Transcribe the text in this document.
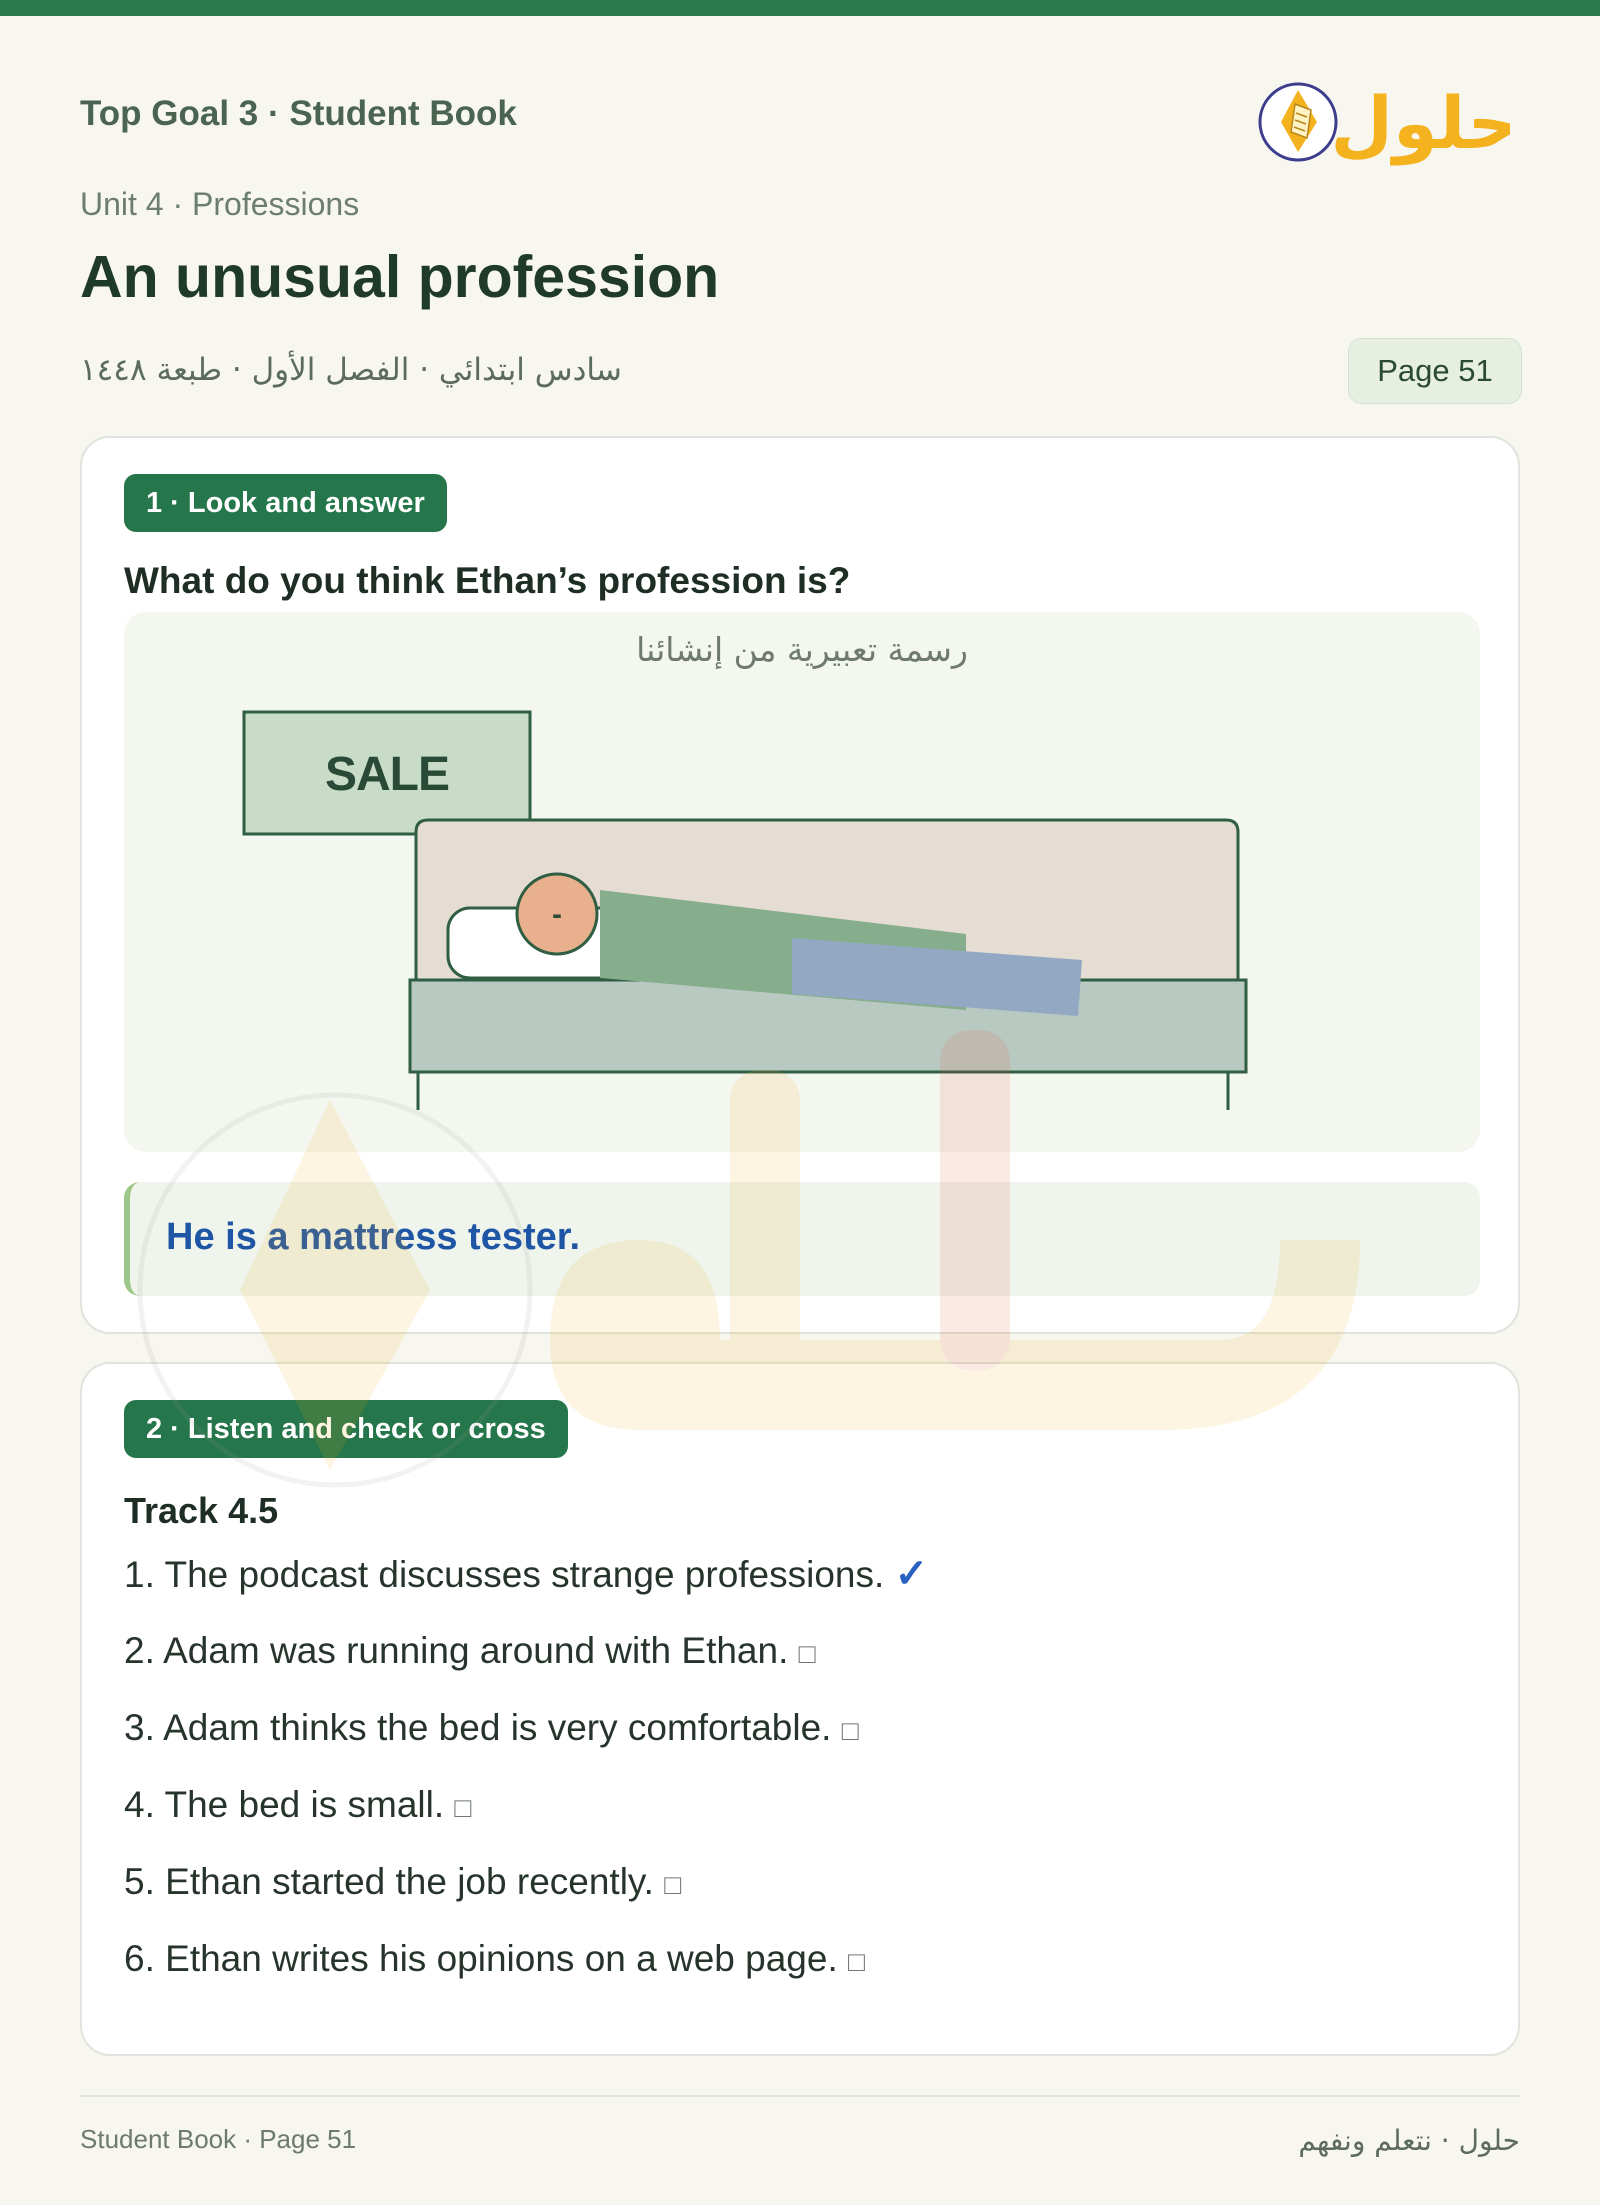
Top Goal 3 · Student Book	حلول
Unit 4 · Professions
An unusual profession
سادس ابتدائي · الفصل الأول · طبعة ١٤٤٨	Page 51
1 · Look and answer
What do you think Ethan’s profession is?
رسمة تعبيرية من إنشائنا
SALE
-
He is a mattress tester.
2 · Listen and check or cross
Track 4.5
1. The podcast discusses strange professions. ✓
2. Adam was running around with Ethan. □
3. Adam thinks the bed is very comfortable. □
4. The bed is small. □
5. Ethan started the job recently. □
6. Ethan writes his opinions on a web page. □
Student Book · Page 51	حلول · نتعلم ونفهم
